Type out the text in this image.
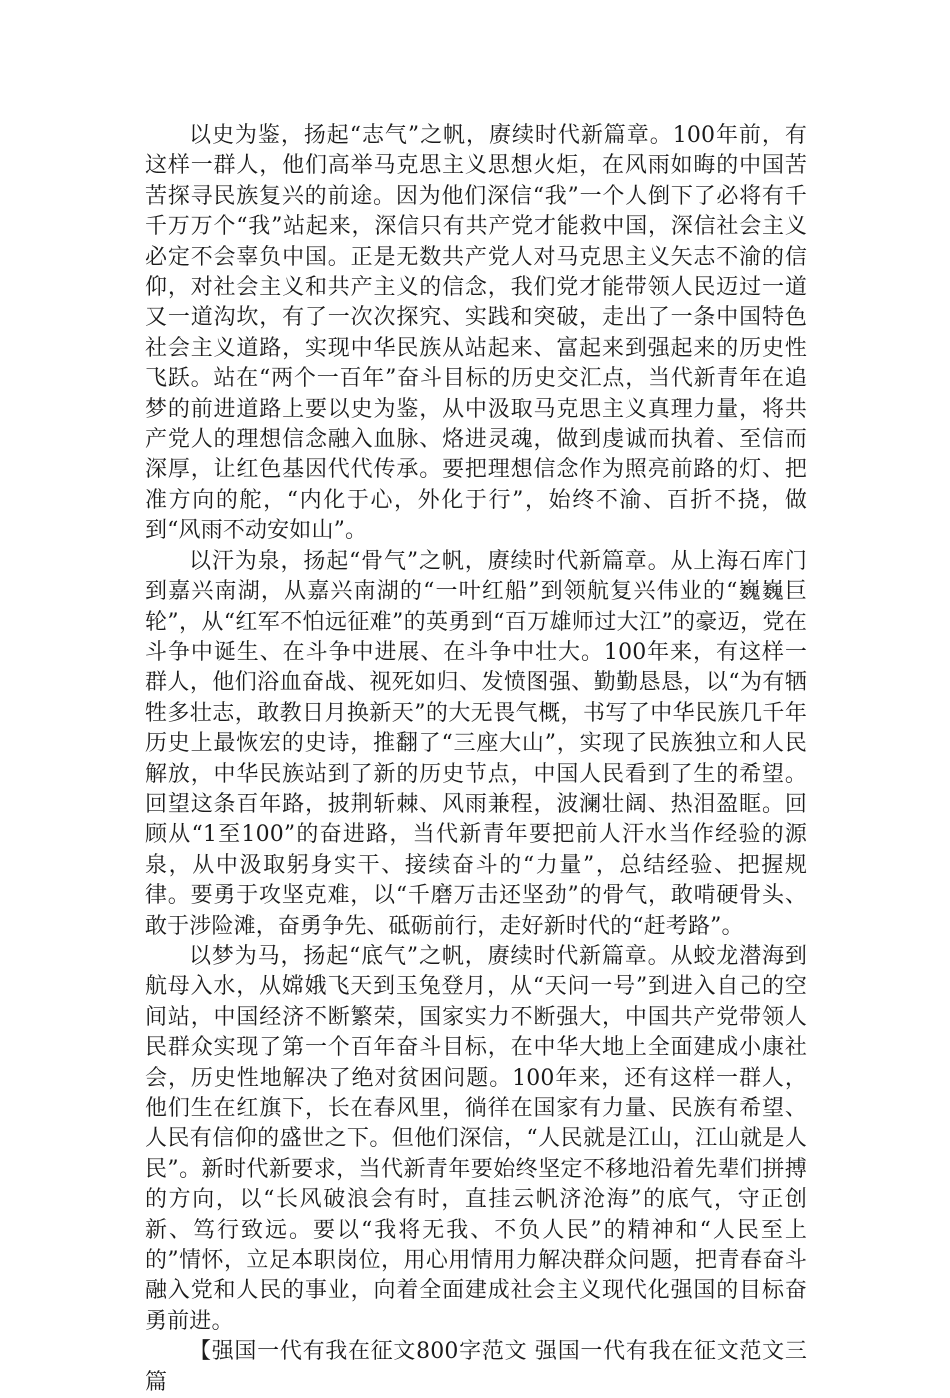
以史为鉴，扬起“志气”之帆，赓续时代新篇章。100年前，有这样一群人，他们高举马克思主义思想火炬，在风雨如晦的中国苦苦探寻民族复兴的前途。因为他们深信“我”一个人倒下了必将有千千万万个“我”站起来，深信只有共产党才能救中国，深信社会主义必定不会辜负中国。正是无数共产党人对马克思主义矢志不渝的信仰，对社会主义和共产主义的信念，我们党才能带领人民迈过一道又一道沟坎，有了一次次探究、实践和突破，走出了一条中国特色社会主义道路，实现中华民族从站起来、富起来到强起来的历史性飞跃。站在“两个一百年”奋斗目标的历史交汇点，当代新青年在追梦的前进道路上要以史为鉴，从中汲取马克思主义真理力量，将共产党人的理想信念融入血脉、烙进灵魂，做到虔诚而执着、至信而深厚，让红色基因代代传承。要把理想信念作为照亮前路的灯、把准方向的舵，“内化于心，外化于行”，始终不渝、百折不挠，做到“风雨不动安如山”。

以汗为泉，扬起“骨气”之帆，赓续时代新篇章。从上海石库门到嘉兴南湖，从嘉兴南湖的“一叶红船”到领航复兴伟业的“巍巍巨轮”，从“红军不怕远征难”的英勇到“百万雄师过大江”的豪迈，党在斗争中诞生、在斗争中进展、在斗争中壮大。100年来，有这样一群人，他们浴血奋战、视死如归、发愤图强、勤勤恳恳，以“为有牺牲多壮志，敢教日月换新天”的大无畏气概，书写了中华民族几千年历史上最恢宏的史诗，推翻了“三座大山”，实现了民族独立和人民解放，中华民族站到了新的历史节点，中国人民看到了生的希望。回望这条百年路，披荆斩棘、风雨兼程，波澜壮阔、热泪盈眶。回顾从“1至100”的奋进路，当代新青年要把前人汗水当作经验的源泉，从中汲取躬身实干、接续奋斗的“力量”，总结经验、把握规律。要勇于攻坚克难，以“千磨万击还坚劲”的骨气，敢啃硬骨头、敢于涉险滩，奋勇争先、砥砺前行，走好新时代的“赶考路”。

以梦为马，扬起“底气”之帆，赓续时代新篇章。从蛟龙潜海到航母入水，从嫦娥飞天到玉兔登月，从“天问一号”到进入自己的空间站，中国经济不断繁荣，国家实力不断强大，中国共产党带领人民群众实现了第一个百年奋斗目标，在中华大地上全面建成小康社会，历史性地解决了绝对贫困问题。100年来，还有这样一群人，他们生在红旗下，长在春风里，徜徉在国家有力量、民族有希望、人民有信仰的盛世之下。但他们深信，“人民就是江山，江山就是人民”。新时代新要求，当代新青年要始终坚定不移地沿着先辈们拼搏的方向，以“长风破浪会有时，直挂云帆济沧海”的底气，守正创新、笃行致远。要以“我将无我、不负人民”的精神和“人民至上的”情怀，立足本职岗位，用心用情用力解决群众问题，把青春奋斗融入党和人民的事业，向着全面建成社会主义现代化强国的目标奋勇前进。

【强国一代有我在征文800字范文 强国一代有我在征文范文三篇
